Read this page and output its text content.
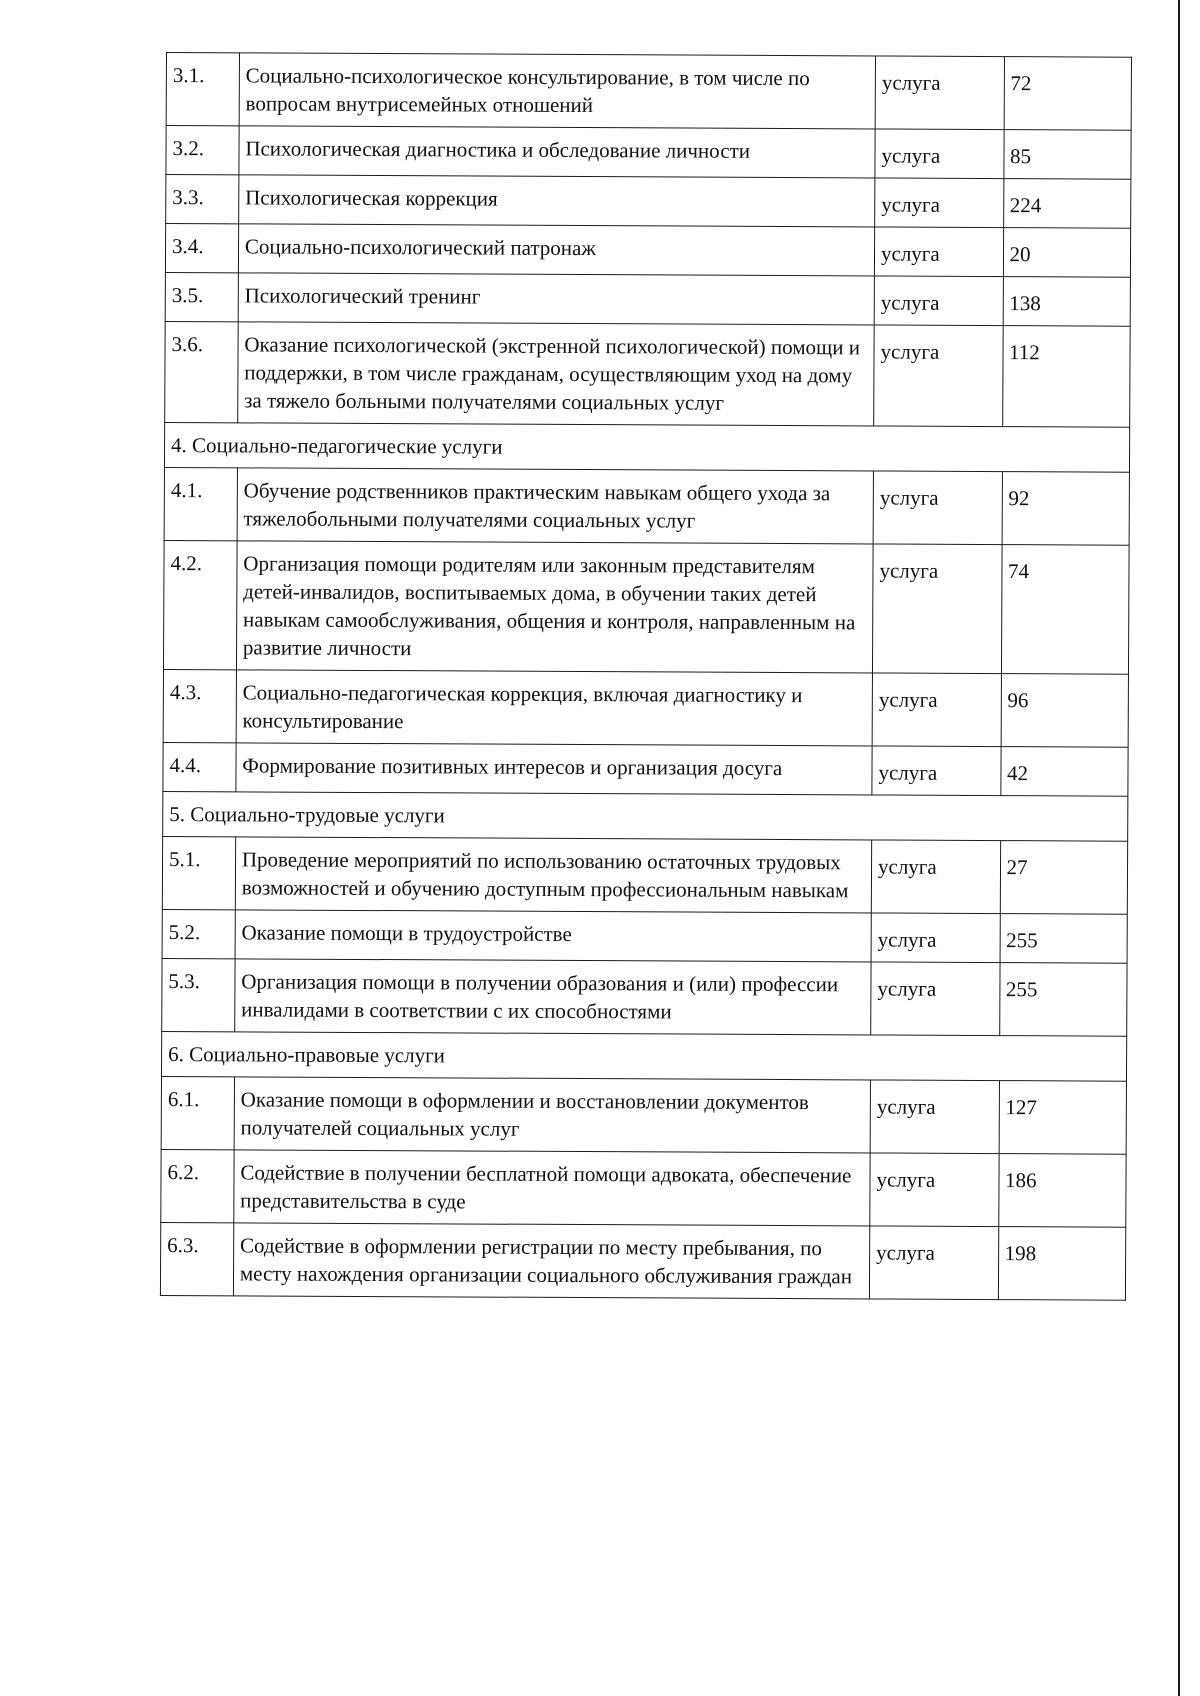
3.1.	Социально-психологическое консультирование, в том числе по вопросам внутрисемейных отношений	услуга	72
3.2.	Психологическая диагностика и обследование личности	услуга	85
3.3.	Психологическая коррекция	услуга	224
3.4.	Социально-психологический патронаж	услуга	20
3.5.	Психологический тренинг	услуга	138
3.6.	Оказание психологической (экстренной психологической) помощи и поддержки, в том числе гражданам, осуществляющим уход на дому за тяжело больными получателями социальных услуг	услуга	112
4. Социально-педагогические услуги			
4.1.	Обучение родственников практическим навыкам общего ухода за тяжелобольными получателями социальных услуг	услуга	92
4.2.	Организация помощи родителям или законным представителям детей-инвалидов, воспитываемых дома, в обучении таких детей навыкам самообслуживания, общения и контроля, направленным на развитие личности	услуга	74
4.3.	Социально-педагогическая коррекция, включая диагностику и консультирование	услуга	96
4.4.	Формирование позитивных интересов и организация досуга	услуга	42
5. Социально-трудовые услуги			
5.1.	Проведение мероприятий по использованию остаточных трудовых возможностей и обучению доступным профессиональным навыкам	услуга	27
5.2.	Оказание помощи в трудоустройстве	услуга	255
5.3.	Организация помощи в получении образования и (или) профессии инвалидами в соответствии с их способностями	услуга	255
6. Социально-правовые услуги			
6.1.	Оказание помощи в оформлении и восстановлении документов получателей социальных услуг	услуга	127
6.2.	Содействие в получении бесплатной помощи адвоката, обеспечение представительства в суде	услуга	186
6.3.	Содействие в оформлении регистрации по месту пребывания, по месту нахождения организации социального обслуживания граждан	услуга	198
